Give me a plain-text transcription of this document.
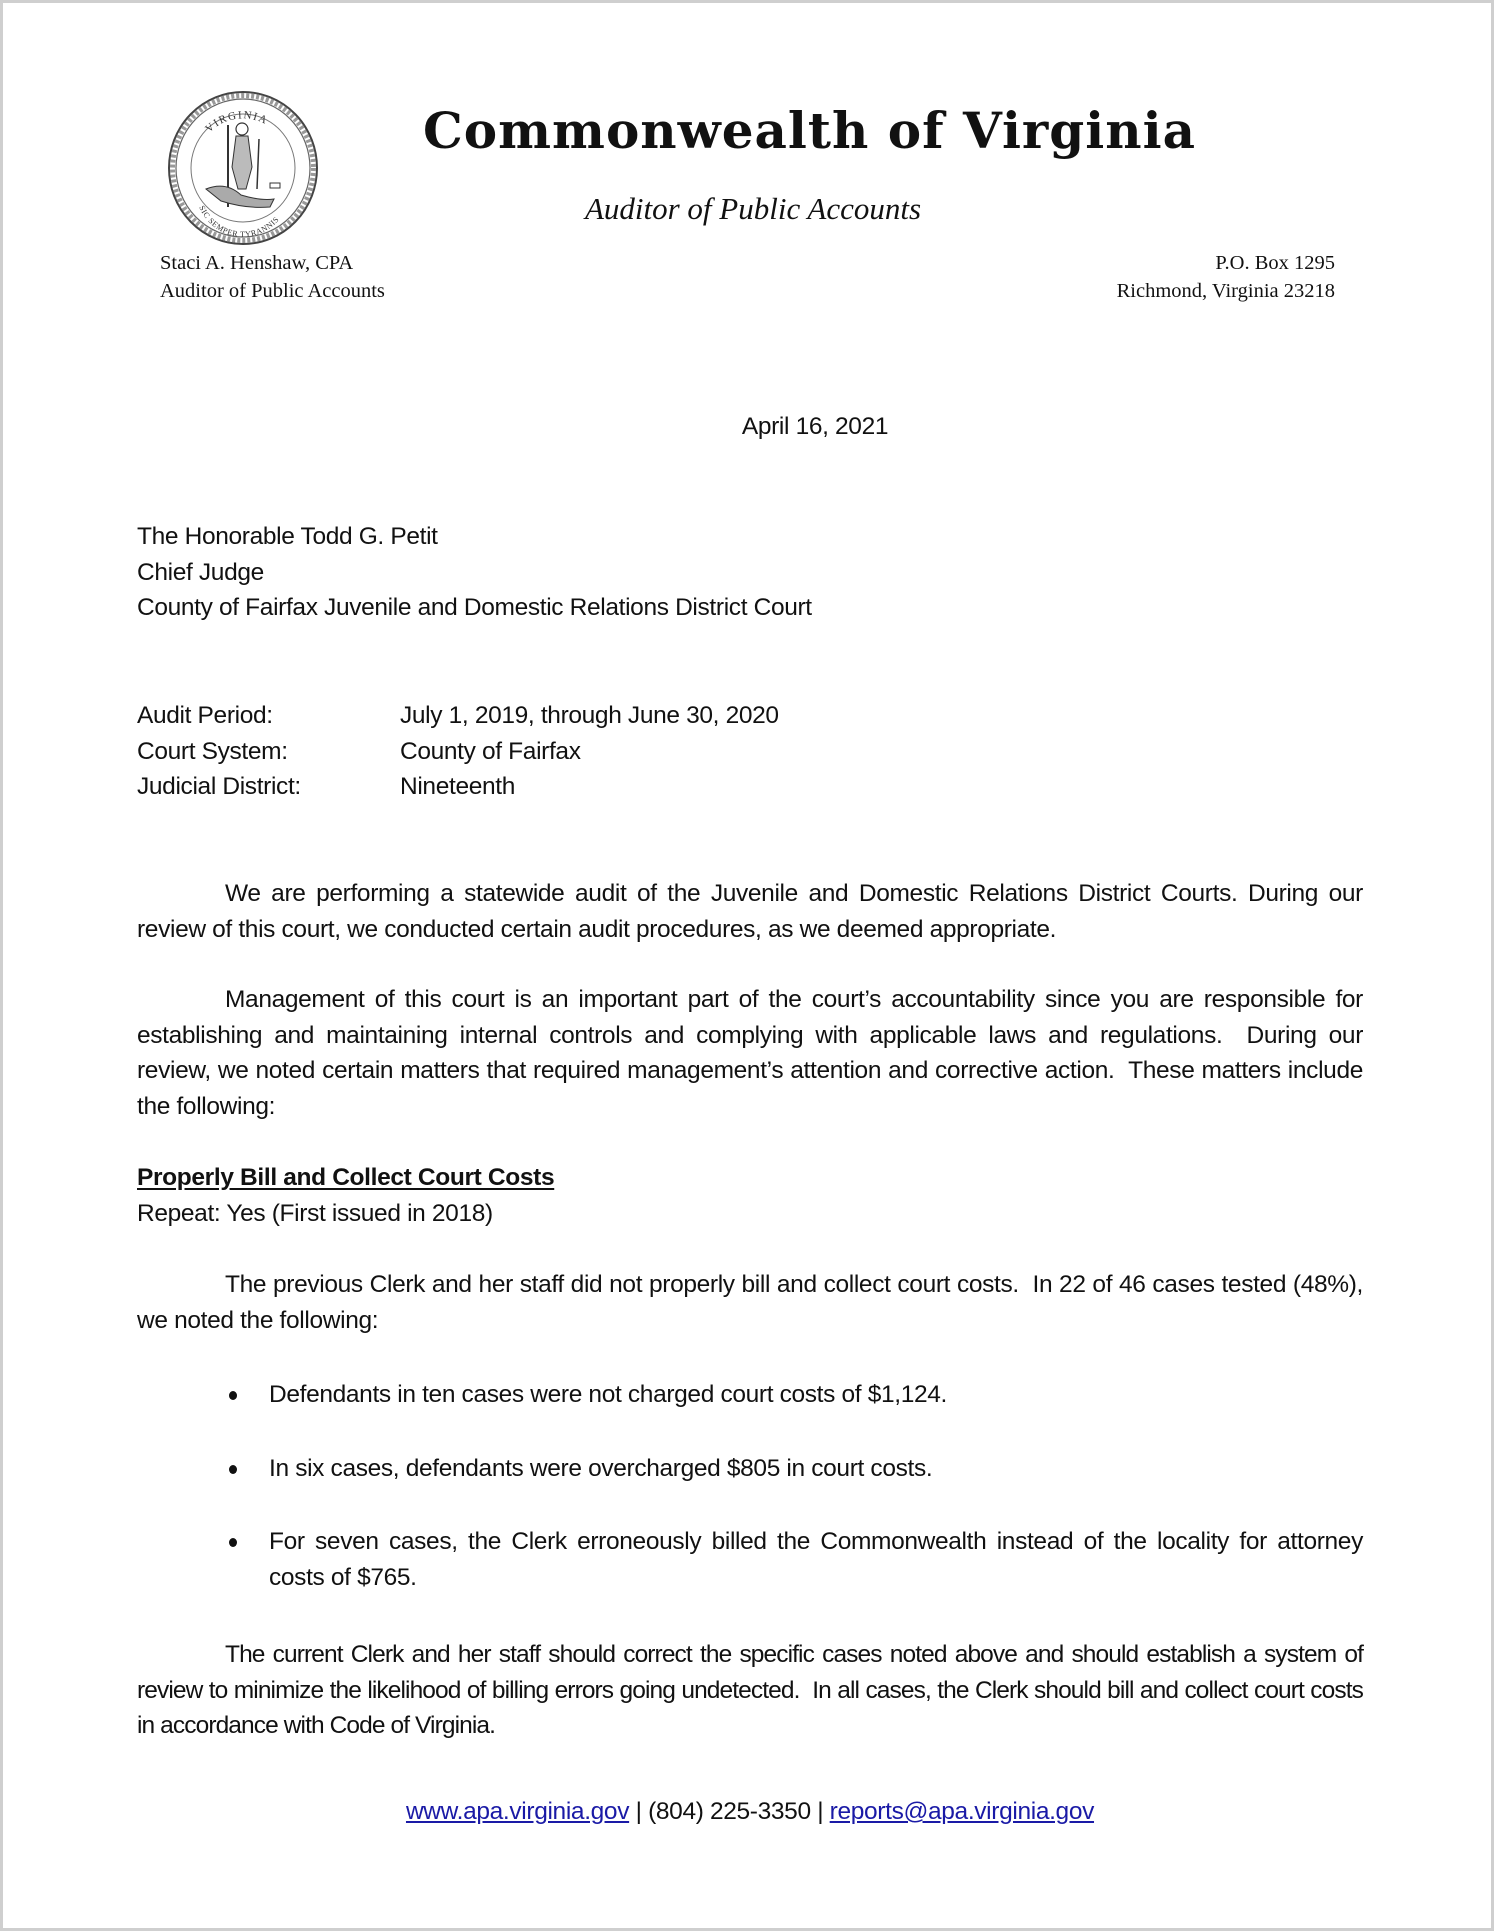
VIRGINIA
SIC SEMPER TYRANNIS
Commonwealth of Virginia
Auditor of Public Accounts
Staci A. Henshaw, CPA
Auditor of Public Accounts
P.O. Box 1295
Richmond, Virginia 23218
April 16, 2021
The Honorable Todd G. Petit
Chief Judge
County of Fairfax Juvenile and Domestic Relations District Court
Audit Period:	July 1, 2019, through June 30, 2020
Court System:	County of Fairfax
Judicial District:	Nineteenth
We are performing a statewide audit of the Juvenile and Domestic Relations District Courts. During our review of this court, we conducted certain audit procedures, as we deemed appropriate.
Management of this court is an important part of the court’s accountability since you are responsible for establishing and maintaining internal controls and complying with applicable laws and regulations.  During our review, we noted certain matters that required management’s attention and corrective action.  These matters include the following:
Properly Bill and Collect Court Costs
Repeat: Yes (First issued in 2018)
The previous Clerk and her staff did not properly bill and collect court costs.  In 22 of 46 cases tested (48%), we noted the following:
Defendants in ten cases were not charged court costs of $1,124.
In six cases, defendants were overcharged $805 in court costs.
For seven cases, the Clerk erroneously billed the Commonwealth instead of the locality for attorney costs of $765.
The current Clerk and her staff should correct the specific cases noted above and should establish a system of review to minimize the likelihood of billing errors going undetected.  In all cases, the Clerk should bill and collect court costs in accordance with Code of Virginia.
www.apa.virginia.gov | (804) 225-3350 | reports@apa.virginia.gov
